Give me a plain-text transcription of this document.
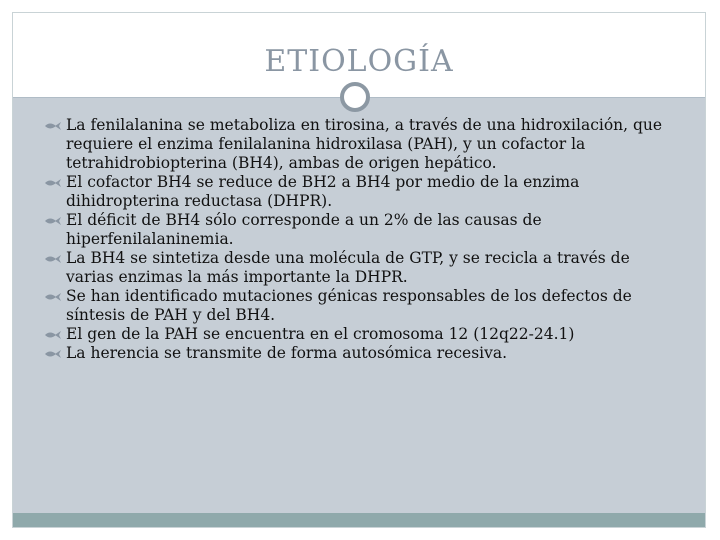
ETIOLOGÍA
La fenilalanina se metaboliza en tirosina, a través de una hidroxilación, que requiere el enzima fenilalanina hidroxilasa (PAH), y un cofactor la tetrahidrobiopterina (BH4), ambas de origen hepático.
El cofactor BH4 se reduce de BH2 a BH4 por medio de la enzima dihidropterina reductasa (DHPR).
El déficit de BH4 sólo corresponde a un 2% de las causas de hiperfenilalaninemia.
La BH4 se sintetiza desde una molécula de GTP, y se recicla a través de varias enzimas la más importante la DHPR.
Se han identificado mutaciones génicas responsables de los defectos de síntesis de PAH y del BH4.
El gen de la PAH se encuentra en el cromosoma 12 (12q22-24.1)
La herencia se transmite de forma autosómica recesiva.
